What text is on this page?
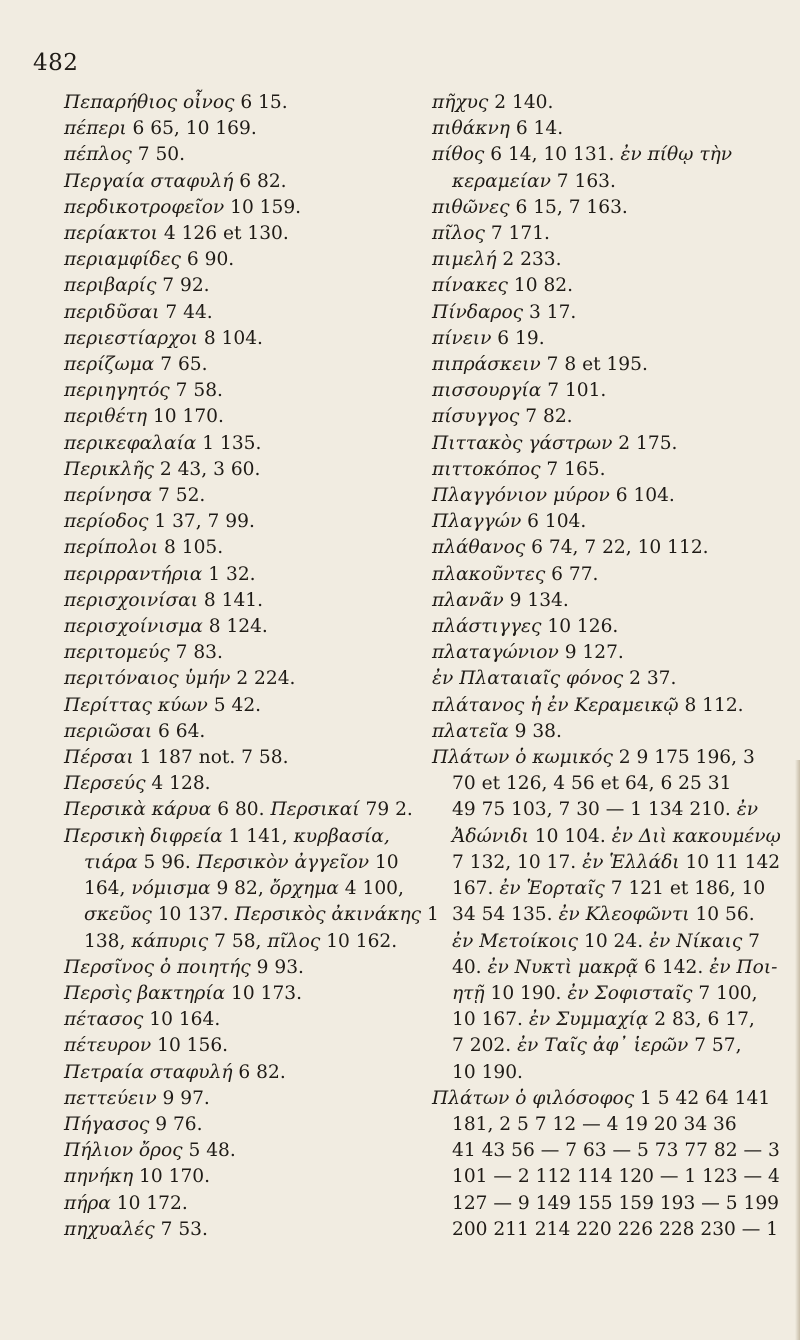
482
Πεπαρήθιος οἶνος 6 15.
πέπερι 6 65, 10 169.
πέπλος 7 50.
Περγαία σταφυλή 6 82.
περδικοτροφεῖον 10 159.
περίακτοι 4 126 et 130.
περιαμφίδες 6 90.
περιβαρίς 7 92.
περιδῦσαι 7 44.
περιεστίαρχοι 8 104.
περίζωμα 7 65.
περιηγητός 7 58.
περιθέτη 10 170.
περικεφαλαία 1 135.
Περικλῆς 2 43, 3 60.
περίνησα 7 52.
περίοδος 1 37, 7 99.
περίπολοι 8 105.
περιρραντήρια 1 32.
περισχοινίσαι 8 141.
περισχοίνισμα 8 124.
περιτομεύς 7 83.
περιτόναιος ὑμήν 2 224.
Περίττας κύων 5 42.
περιῶσαι 6 64.
Πέρσαι 1 187 not. 7 58.
Περσεύς 4 128.
Περσικὰ κάρυα 6 80. Περσικαί 79 2.
Περσικὴ διφρεία 1 141, κυρβασία,
τιάρα 5 96. Περσικὸν ἀγγεῖον 10
164, νόμισμα 9 82, ὄρχημα 4 100,
σκεῦος 10 137. Περσικὸς ἀκινάκης 1
138, κάπυρις 7 58, πῖλος 10 162.
Περσῖνος ὁ ποιητής 9 93.
Περσὶς βακτηρία 10 173.
πέτασος 10 164.
πέτευρον 10 156.
Πετραία σταφυλή 6 82.
πεττεύειν 9 97.
Πήγασος 9 76.
Πήλιον ὄρος 5 48.
πηνήκη 10 170.
πήρα 10 172.
πηχυαλές 7 53.
πῆχυς 2 140.
πιθάκνη 6 14.
πίθος 6 14, 10 131. ἐν πίθῳ τὴν
κεραμείαν 7 163.
πιθῶνες 6 15, 7 163.
πῖλος 7 171.
πιμελή 2 233.
πίνακες 10 82.
Πίνδαρος 3 17.
πίνειν 6 19.
πιπράσκειν 7 8 et 195.
πισσουργία 7 101.
πίσυγγος 7 82.
Πιττακὸς γάστρων 2 175.
πιττοκόπος 7 165.
Πλαγγόνιον μύρον 6 104.
Πλαγγών 6 104.
πλάθανος 6 74, 7 22, 10 112.
πλακοῦντες 6 77.
πλανᾶν 9 134.
πλάστιγγες 10 126.
πλαταγώνιον 9 127.
ἐν Πλαταιαῖς φόνος 2 37.
πλάτανος ἡ ἐν Κεραμεικῷ 8 112.
πλατεῖα 9 38.
Πλάτων ὁ κωμικός 2 9 175 196, 3
70 et 126, 4 56 et 64, 6 25 31
49 75 103, 7 30 — 1 134 210. ἐν
Ἀδώνιδι 10 104. ἐν Διὶ κακουμένῳ
7 132, 10 17. ἐν Ἑλλάδι 10 11 142
167. ἐν Ἑορταῖς 7 121 et 186, 10
34 54 135. ἐν Κλεοφῶντι 10 56.
ἐν Μετοίκοις 10 24. ἐν Νίκαις 7
40. ἐν Νυκτὶ μακρᾷ 6 142. ἐν Ποι-
ητῇ 10 190. ἐν Σοφισταῖς 7 100,
10 167. ἐν Συμμαχίᾳ 2 83, 6 17,
7 202. ἐν Ταῖς ἀφ᾽ ἱερῶν 7 57,
10 190.
Πλάτων ὁ φιλόσοφος 1 5 42 64 141
181, 2 5 7 12 — 4 19 20 34 36
41 43 56 — 7 63 — 5 73 77 82 — 3
101 — 2 112 114 120 — 1 123 — 4
127 — 9 149 155 159 193 — 5 199
200 211 214 220 226 228 230 — 1
